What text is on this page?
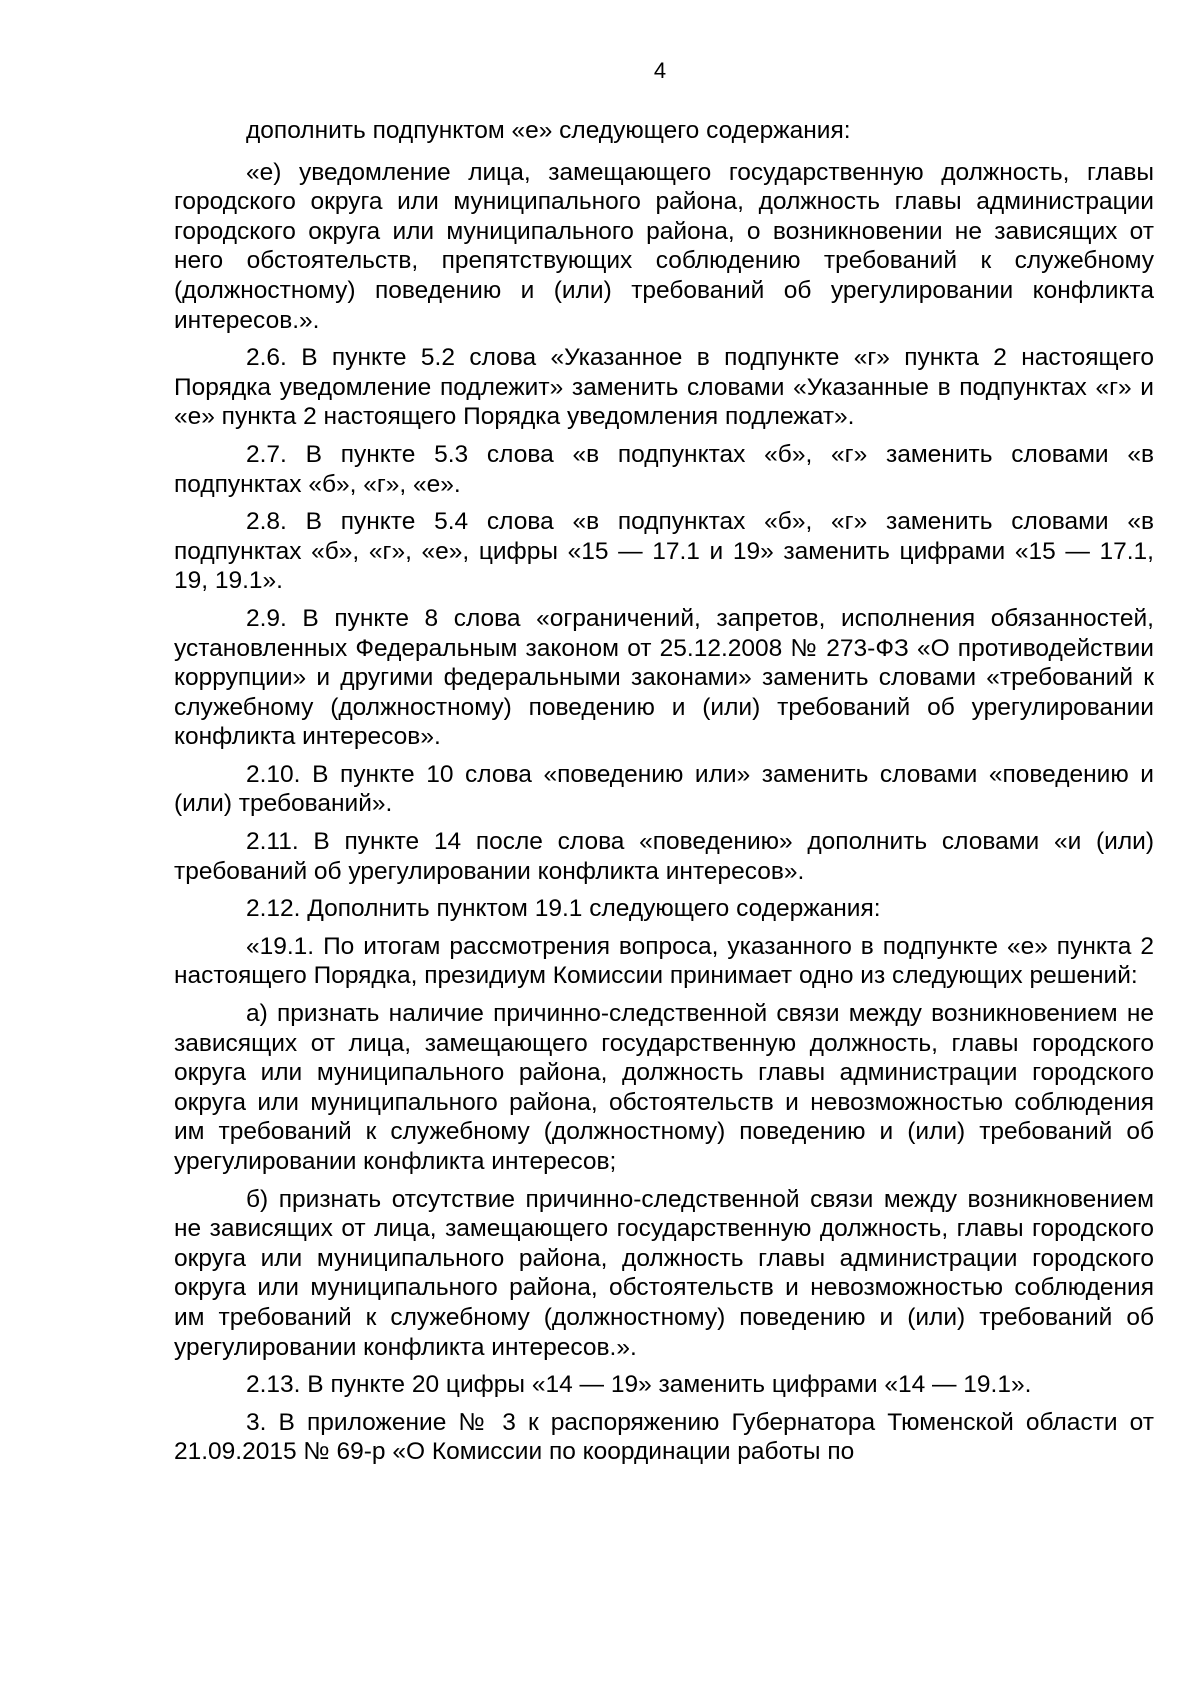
4

дополнить подпунктом «е» следующего содержания:

«е) уведомление лица, замещающего государственную должность, главы городского округа или муниципального района, должность главы администрации городского округа или муниципального района, о возникновении не зависящих от него обстоятельств, препятствующих соблюдению требований к служебному (должностному) поведению и (или) требований об урегулировании конфликта интересов.».

2.6. В пункте 5.2 слова «Указанное в подпункте «г» пункта 2 настоящего Порядка уведомление подлежит» заменить словами «Указанные в подпунктах «г» и «е» пункта 2 настоящего Порядка уведомления подлежат».

2.7. В пункте 5.3 слова «в подпунктах «б», «г» заменить словами «в подпунктах «б», «г», «е».

2.8. В пункте 5.4 слова «в подпунктах «б», «г» заменить словами «в подпунктах «б», «г», «е», цифры «15 — 17.1 и 19» заменить цифрами «15 — 17.1, 19, 19.1».

2.9. В пункте 8 слова «ограничений, запретов, исполнения обязанностей, установленных Федеральным законом от 25.12.2008 № 273-ФЗ «О противодействии коррупции» и другими федеральными законами» заменить словами «требований к служебному (должностному) поведению и (или) требований об урегулировании конфликта интересов».

2.10. В пункте 10 слова «поведению или» заменить словами «поведению и (или) требований».

2.11. В пункте 14 после слова «поведению» дополнить словами «и (или) требований об урегулировании конфликта интересов».

2.12. Дополнить пунктом 19.1 следующего содержания:

«19.1. По итогам рассмотрения вопроса, указанного в подпункте «е» пункта 2 настоящего Порядка, президиум Комиссии принимает одно из следующих решений:

а) признать наличие причинно-следственной связи между возникновением не зависящих от лица, замещающего государственную должность, главы городского округа или муниципального района, должность главы администрации городского округа или муниципального района, обстоятельств и невозможностью соблюдения им требований к служебному (должностному) поведению и (или) требований об урегулировании конфликта интересов;

б) признать отсутствие причинно-следственной связи между возникновением не зависящих от лица, замещающего государственную должность, главы городского округа или муниципального района, должность главы администрации городского округа или муниципального района, обстоятельств и невозможностью соблюдения им требований к служебному (должностному) поведению и (или) требований об урегулировании конфликта интересов.».

2.13. В пункте 20 цифры «14 — 19» заменить цифрами «14 — 19.1».

3. В приложение № 3 к распоряжению Губернатора Тюменской области от 21.09.2015 № 69-р «О Комиссии по координации работы по
